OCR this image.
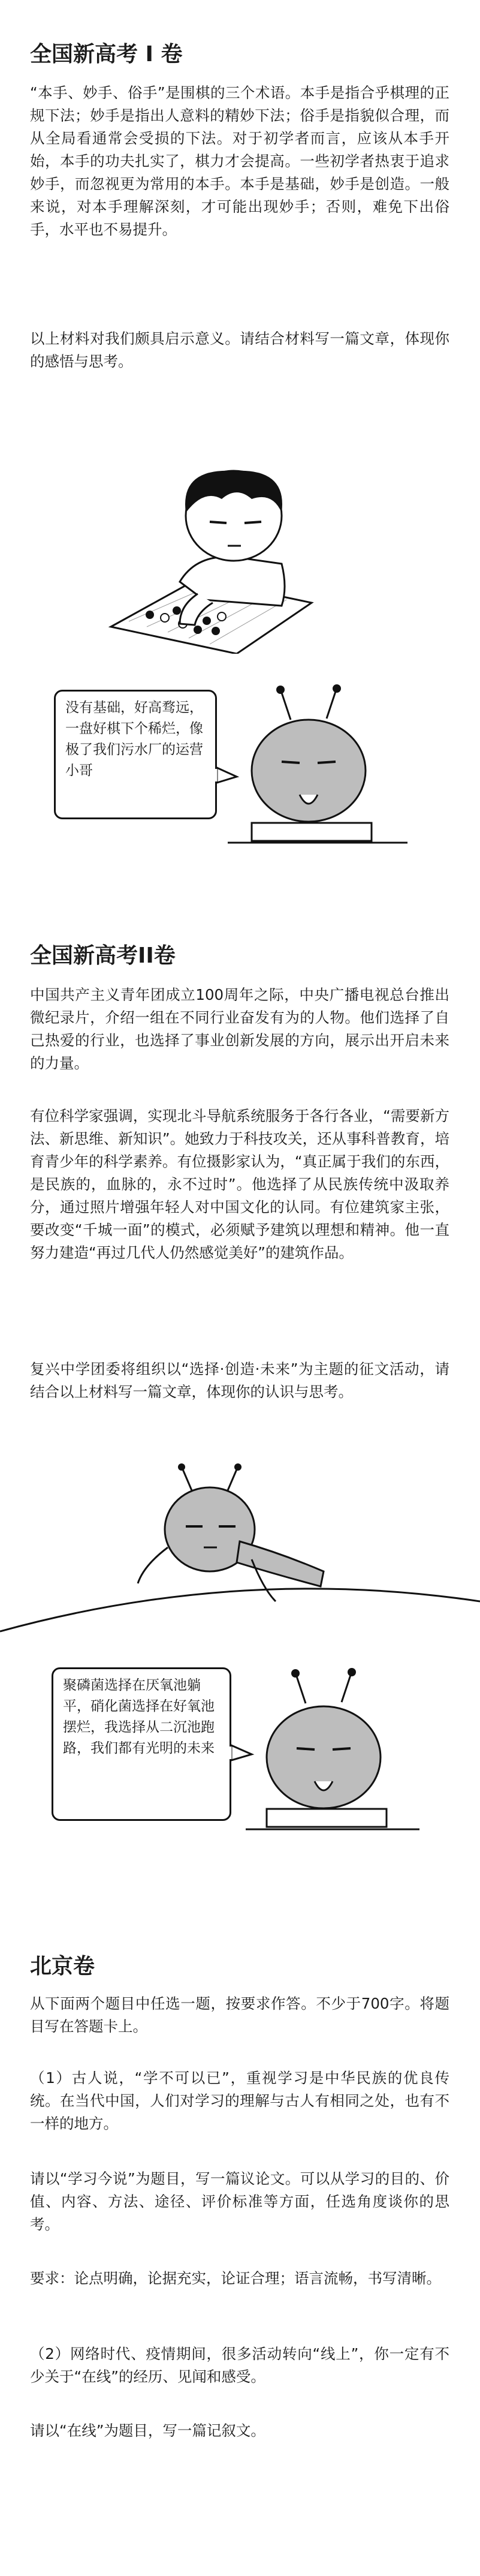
全国新高考 I 卷

“本手、妙手、俗手”是围棋的三个术语。本手是指合乎棋理的正规下法；妙手是指出人意料的精妙下法；俗手是指貌似合理，而从全局看通常会受损的下法。对于初学者而言，应该从本手开始，本手的功夫扎实了，棋力才会提高。一些初学者热衷于追求妙手，而忽视更为常用的本手。本手是基础，妙手是创造。一般来说，对本手理解深刻，才可能出现妙手；否则，难免下出俗手，水平也不易提升。

以上材料对我们颇具启示意义。请结合材料写一篇文章，体现你的感悟与思考。

没有基础，好高骛远，一盘好棋下个稀烂，像极了我们污水厂的运营小哥
全国新高考II卷

中国共产主义青年团成立100周年之际，中央广播电视总台推出微纪录片，介绍一组在不同行业奋发有为的人物。他们选择了自己热爱的行业，也选择了事业创新发展的方向，展示出开启未来的力量。

有位科学家强调，实现北斗导航系统服务于各行各业，“需要新方法、新思维、新知识”。她致力于科技攻关，还从事科普教育，培育青少年的科学素养。有位摄影家认为，“真正属于我们的东西，是民族的，血脉的，永不过时”。他选择了从民族传统中汲取养分，通过照片增强年轻人对中国文化的认同。有位建筑家主张，要改变“千城一面”的模式，必须赋予建筑以理想和精神。他一直努力建造“再过几代人仍然感觉美好”的建筑作品。

复兴中学团委将组织以“选择·创造·未来”为主题的征文活动，请结合以上材料写一篇文章，体现你的认识与思考。

聚磷菌选择在厌氧池躺平，硝化菌选择在好氧池摆烂，我选择从二沉池跑路，我们都有光明的未来
北京卷

从下面两个题目中任选一题，按要求作答。不少于700字。将题目写在答题卡上。

（1）古人说，“学不可以已”，重视学习是中华民族的优良传统。在当代中国，人们对学习的理解与古人有相同之处，也有不一样的地方。

请以“学习今说”为题目，写一篇议论文。可以从学习的目的、价值、内容、方法、途径、评价标准等方面，任选角度谈你的思考。

要求：论点明确，论据充实，论证合理；语言流畅，书写清晰。

（2）网络时代、疫情期间，很多活动转向“线上”，你一定有不少关于“在线”的经历、见闻和感受。

请以“在线”为题目，写一篇记叙文。
